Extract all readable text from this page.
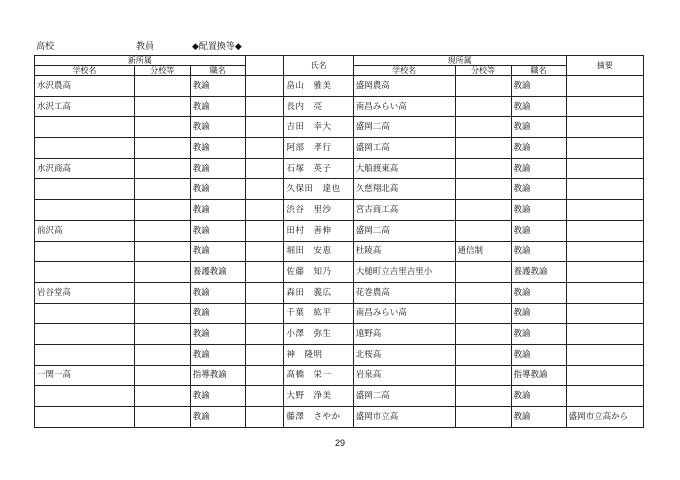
高校	教員	◆配置換等◆
新所属				氏名	現所属			摘要
学校名	分校等	職名			学校名	分校等	職名	
水沢農高		教諭		畠山　雅美	盛岡農高		教諭	
水沢工高		教諭		長内　亮	南昌みらい高		教諭	
		教諭		吉田　幸大	盛岡二高		教諭	
		教諭		阿部　孝行	盛岡工高		教諭	
水沢商高		教諭		石塚　英子	大船渡東高		教諭	
		教諭		久保田　達也	久慈翔北高		教諭	
		教諭		渋谷　里沙	宮古商工高		教諭	
前沢高		教諭		田村　善伸	盛岡二高		教諭	
		教諭		堀田　安恵	杜陵高	通信制	教諭	
		養護教諭		佐藤　知乃	大槌町立吉里吉里小		養護教諭	
岩谷堂高		教諭		森田　義広	花巻農高		教諭	
		教諭		千葉　紘平	南昌みらい高		教諭	
		教諭		小澤　弥生	遠野高		教諭	
		教諭		神　隆明	北桜高		教諭	
一関一高		指導教諭		髙橋　栄一	岩泉高		指導教諭	
		教諭		大野　浄美	盛岡二高		教諭	
		教諭		藤澤　さやか	盛岡市立高		教諭	盛岡市立高から
29
